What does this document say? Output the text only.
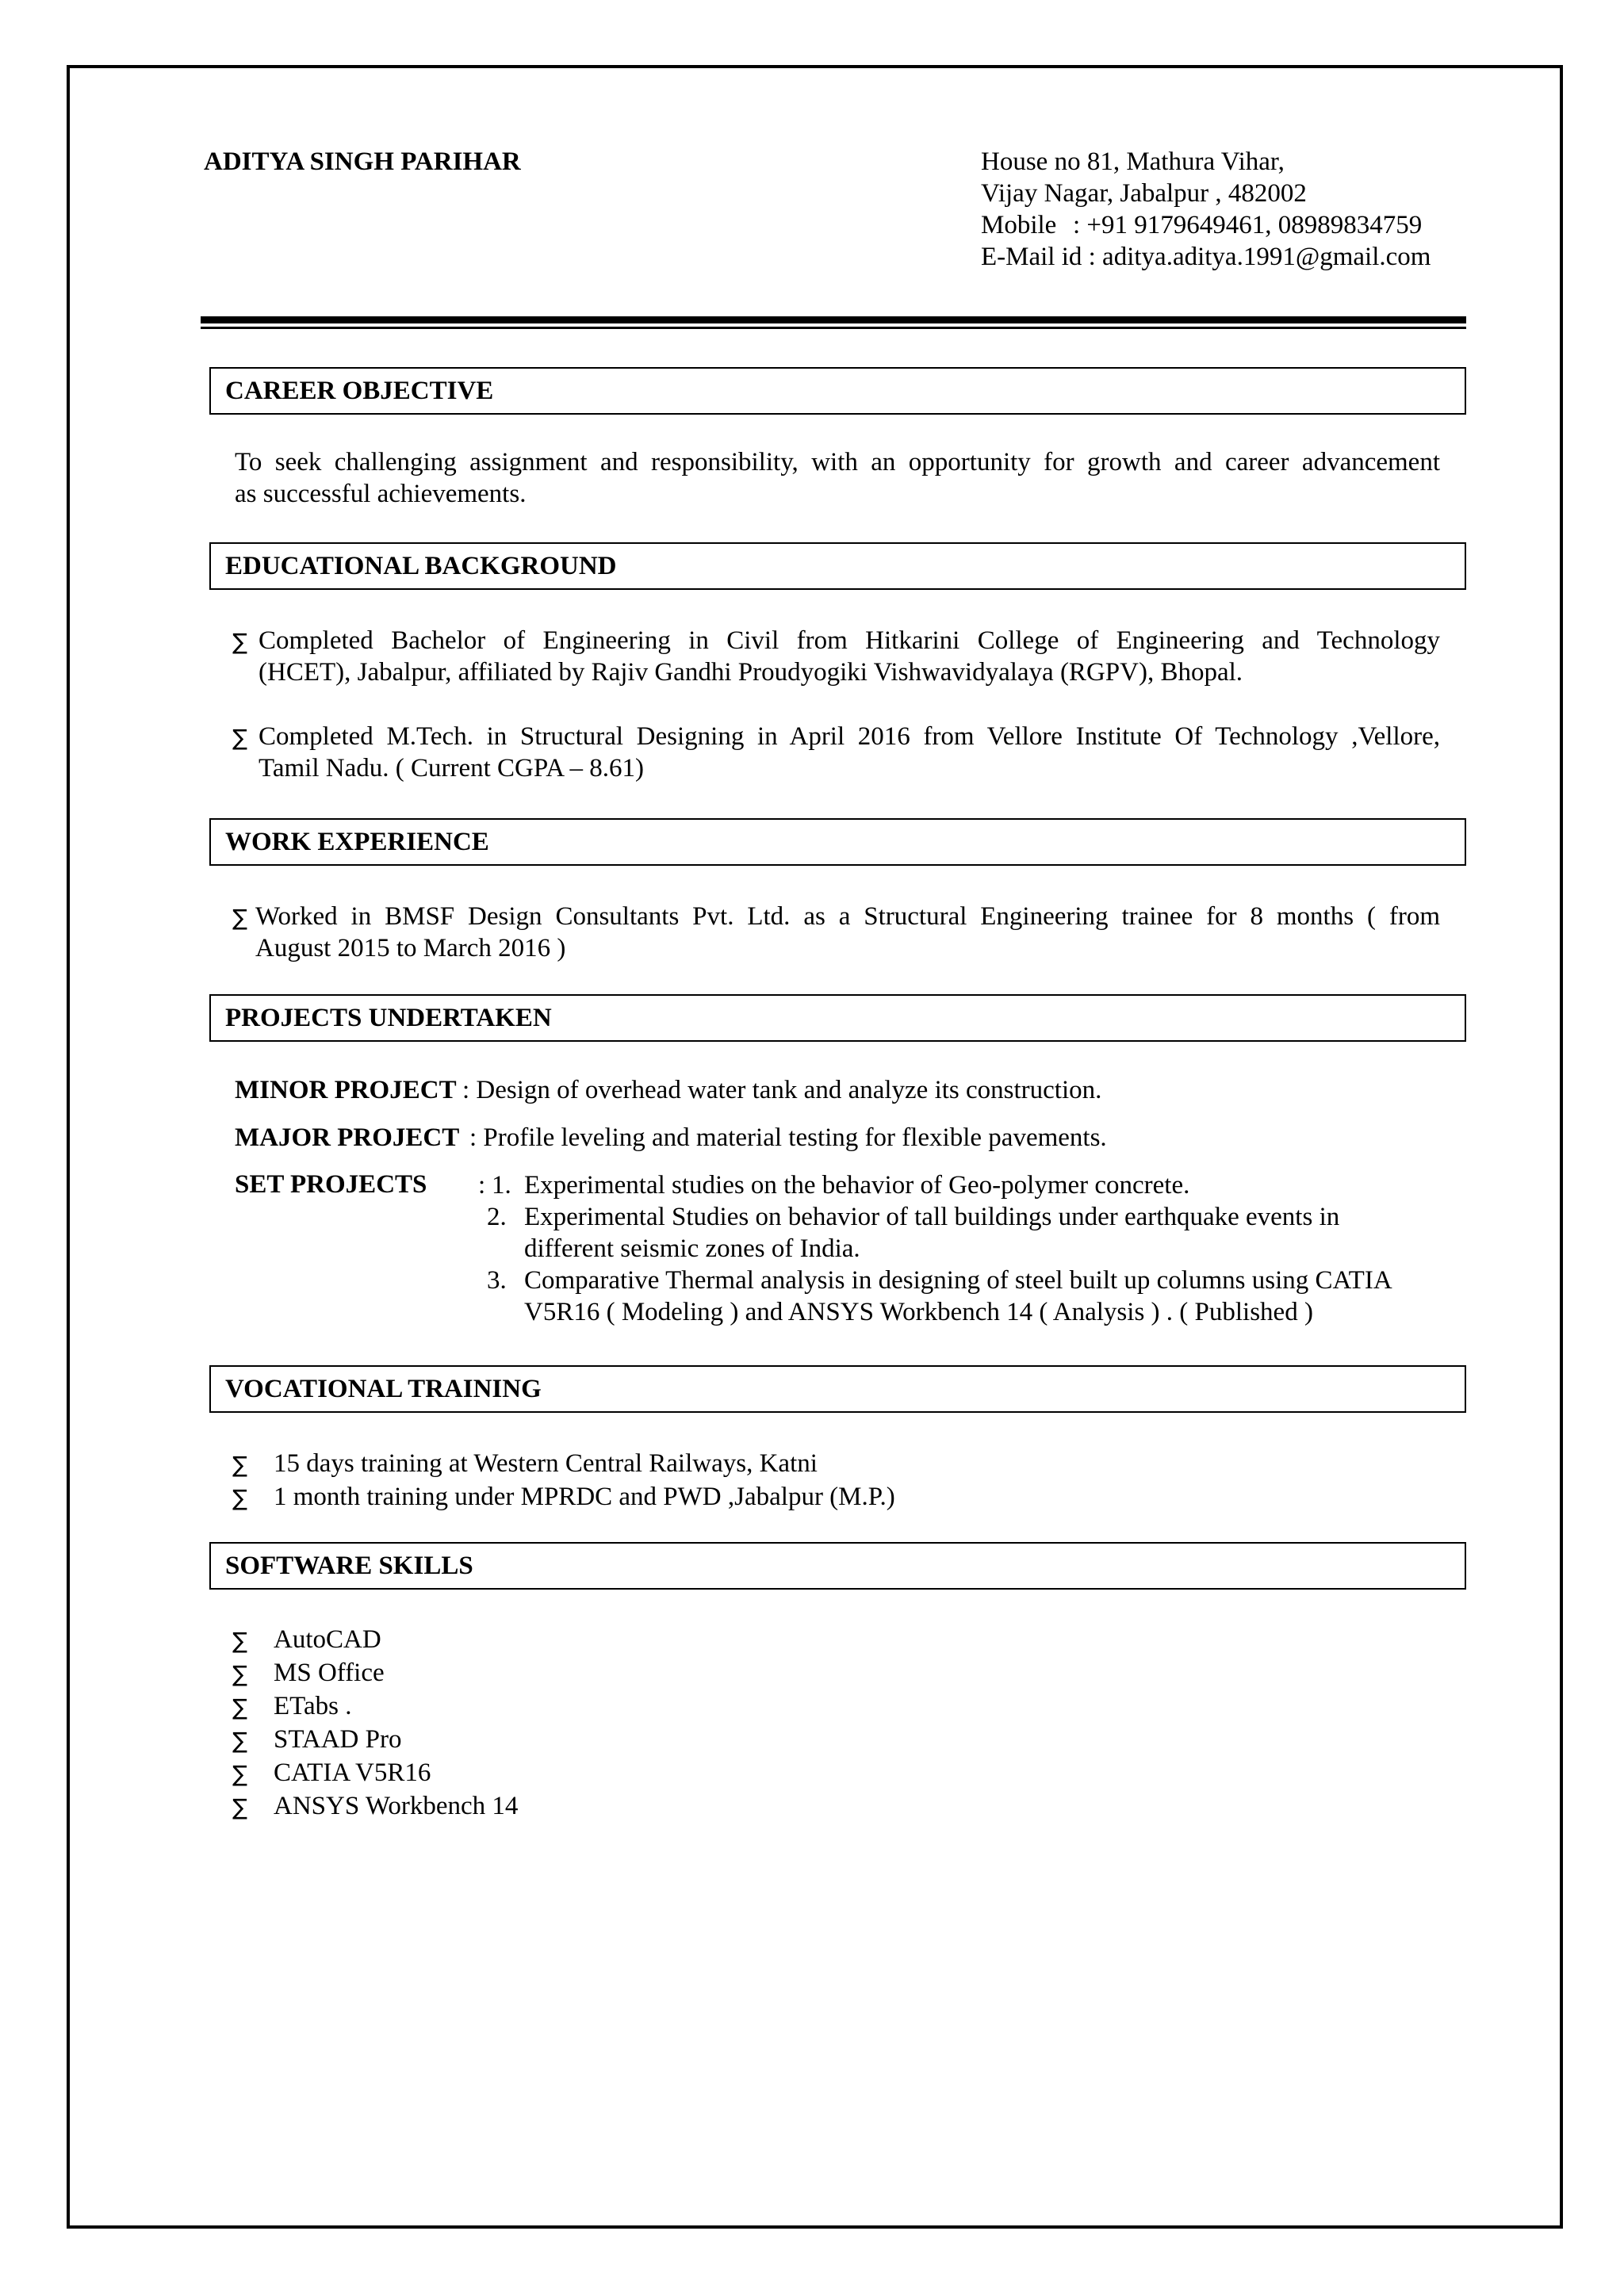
ADITYA SINGH PARIHAR	House no 81, Mathura Vihar,
Vijay Nagar, Jabalpur , 482002
Mobile : +91 9179649461, 08989834759
E-Mail id : aditya.aditya.1991@gmail.com
CAREER OBJECTIVE
To seek challenging assignment and responsibility, with an opportunity for growth and career advancement
as successful achievements.
EDUCATIONAL BACKGROUND
∑ Completed Bachelor of Engineering in Civil from Hitkarini College of Engineering and Technology
(HCET), Jabalpur, affiliated by Rajiv Gandhi Proudyogiki Vishwavidyalaya (RGPV), Bhopal.
∑ Completed M.Tech. in Structural Designing in April 2016 from Vellore Institute Of Technology ,Vellore,
Tamil Nadu. ( Current CGPA – 8.61)
WORK EXPERIENCE
∑ Worked in BMSF Design Consultants Pvt. Ltd. as a Structural Engineering trainee for 8 months ( from
August 2015 to March 2016 )
PROJECTS UNDERTAKEN
MINOR PROJECT : Design of overhead water tank and analyze its construction.
MAJOR PROJECT : Profile leveling and material testing for flexible pavements.
SET PROJECTS : 1. Experimental studies on the behavior of Geo-polymer concrete.
2. Experimental Studies on behavior of tall buildings under earthquake events in
different seismic zones of India.
3. Comparative Thermal analysis in designing of steel built up columns using CATIA
V5R16 ( Modeling ) and ANSYS Workbench 14 ( Analysis ) . ( Published )
VOCATIONAL TRAINING
∑ 15 days training at Western Central Railways, Katni
∑ 1 month training under MPRDC and PWD ,Jabalpur (M.P.)
SOFTWARE SKILLS
∑ AutoCAD
∑ MS Office
∑ ETabs .
∑ STAAD Pro
∑ CATIA V5R16
∑ ANSYS Workbench 14
